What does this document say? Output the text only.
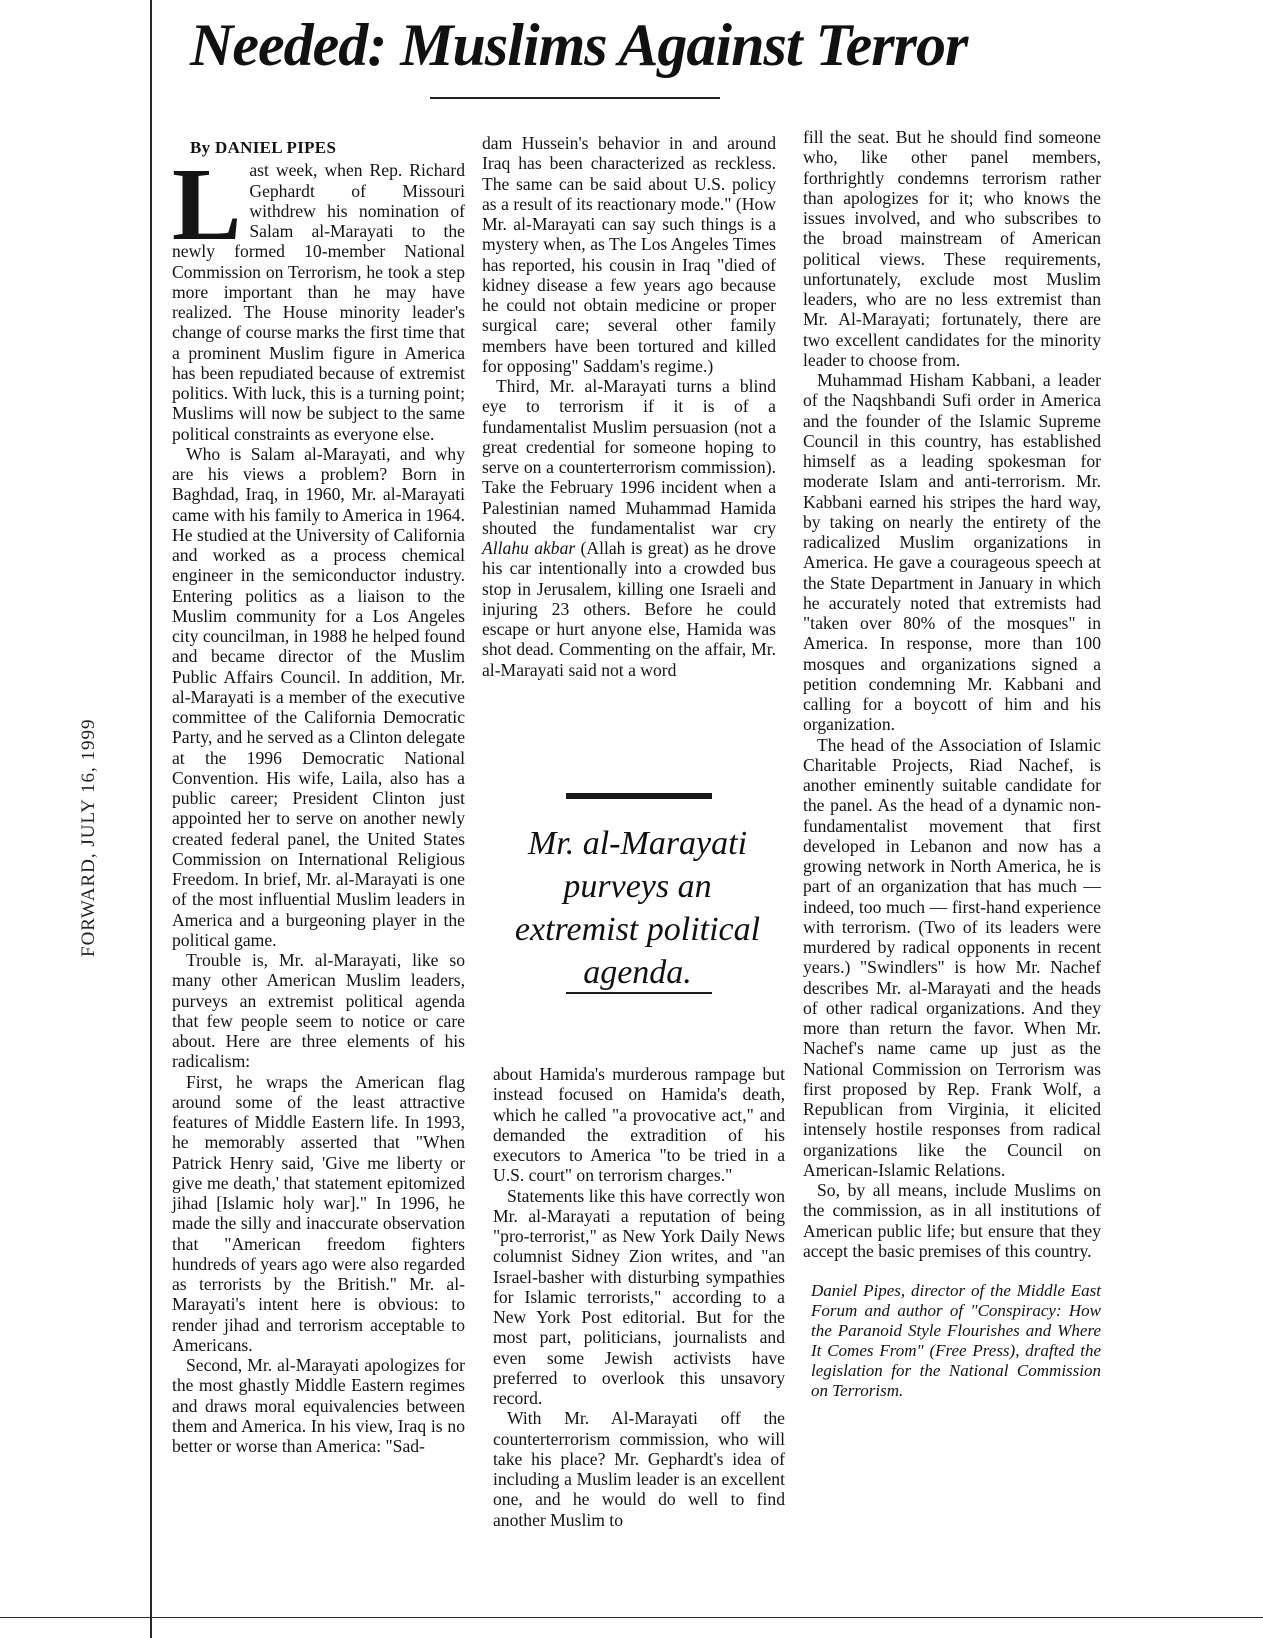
Needed: Muslims Against Terror
FORWARD, JULY 16, 1999
By DANIEL PIPES

Last week, when Rep. Richard Gephardt of Missouri withdrew his nomination of Salam al-Marayati to the newly formed 10-member National Commission on Terrorism, he took a step more important than he may have realized. The House minority leader's change of course marks the first time that a prominent Muslim figure in America has been repudiated because of extremist politics. With luck, this is a turning point; Muslims will now be subject to the same political constraints as everyone else.

Who is Salam al-Marayati, and why are his views a problem? Born in Baghdad, Iraq, in 1960, Mr. al-Marayati came with his family to America in 1964. He studied at the University of California and worked as a process chemical engineer in the semiconductor industry. Entering politics as a liaison to the Muslim community for a Los Angeles city councilman, in 1988 he helped found and became director of the Muslim Public Affairs Council. In addition, Mr. al-Marayati is a member of the executive committee of the California Democratic Party, and he served as a Clinton delegate at the 1996 Democratic National Convention. His wife, Laila, also has a public career; President Clinton just appointed her to serve on another newly created federal panel, the United States Commission on International Religious Freedom. In brief, Mr. al-Marayati is one of the most influential Muslim leaders in America and a burgeoning player in the political game.

Trouble is, Mr. al-Marayati, like so many other American Muslim leaders, purveys an extremist political agenda that few people seem to notice or care about. Here are three elements of his radicalism:

First, he wraps the American flag around some of the least attractive features of Middle Eastern life. In 1993, he memorably asserted that "When Patrick Henry said, 'Give me liberty or give me death,' that statement epitomized jihad [Islamic holy war]." In 1996, he made the silly and inaccurate observation that "American freedom fighters hundreds of years ago were also regarded as terrorists by the British." Mr. al-Marayati's intent here is obvious: to render jihad and terrorism acceptable to Americans.

Second, Mr. al-Marayati apologizes for the most ghastly Middle Eastern regimes and draws moral equivalencies between them and America. In his view, Iraq is no better or worse than America: "Sad-

dam Hussein's behavior in and around Iraq has been characterized as reckless. The same can be said about U.S. policy as a result of its reactionary mode." (How Mr. al-Marayati can say such things is a mystery when, as The Los Angeles Times has reported, his cousin in Iraq "died of kidney disease a few years ago because he could not obtain medicine or proper surgical care; several other family members have been tortured and killed for opposing" Saddam's regime.)

Third, Mr. al-Marayati turns a blind eye to terrorism if it is of a fundamentalist Muslim persuasion (not a great credential for someone hoping to serve on a counterterrorism commission). Take the February 1996 incident when a Palestinian named Muhammad Hamida shouted the fundamentalist war cry Allahu akbar (Allah is great) as he drove his car intentionally into a crowded bus stop in Jerusalem, killing one Israeli and injuring 23 others. Before he could escape or hurt anyone else, Hamida was shot dead. Commenting on the affair, Mr. al-Marayati said not a word

Mr. al-Marayati purveys an extremist political agenda.

about Hamida's murderous rampage but instead focused on Hamida's death, which he called "a provocative act," and demanded the extradition of his executors to America "to be tried in a U.S. court" on terrorism charges."

Statements like this have correctly won Mr. al-Marayati a reputation of being "pro-terrorist," as New York Daily News columnist Sidney Zion writes, and "an Israel-basher with disturbing sympathies for Islamic terrorists," according to a New York Post editorial. But for the most part, politicians, journalists and even some Jewish activists have preferred to overlook this unsavory record.

With Mr. Al-Marayati off the counterterrorism commission, who will take his place? Mr. Gephardt's idea of including a Muslim leader is an excellent one, and he would do well to find another Muslim to

fill the seat. But he should find someone who, like other panel members, forthrightly condemns terrorism rather than apologizes for it; who knows the issues involved, and who subscribes to the broad mainstream of American political views. These requirements, unfortunately, exclude most Muslim leaders, who are no less extremist than Mr. Al-Marayati; fortunately, there are two excellent candidates for the minority leader to choose from.

Muhammad Hisham Kabbani, a leader of the Naqshbandi Sufi order in America and the founder of the Islamic Supreme Council in this country, has established himself as a leading spokesman for moderate Islam and anti-terrorism. Mr. Kabbani earned his stripes the hard way, by taking on nearly the entirety of the radicalized Muslim organizations in America. He gave a courageous speech at the State Department in January in which he accurately noted that extremists had "taken over 80% of the mosques" in America. In response, more than 100 mosques and organizations signed a petition condemning Mr. Kabbani and calling for a boycott of him and his organization.

The head of the Association of Islamic Charitable Projects, Riad Nachef, is another eminently suitable candidate for the panel. As the head of a dynamic non-fundamentalist movement that first developed in Lebanon and now has a growing network in North America, he is part of an organization that has much — indeed, too much — first-hand experience with terrorism. (Two of its leaders were murdered by radical opponents in recent years.) "Swindlers" is how Mr. Nachef describes Mr. al-Marayati and the heads of other radical organizations. And they more than return the favor. When Mr. Nachef's name came up just as the National Commission on Terrorism was first proposed by Rep. Frank Wolf, a Republican from Virginia, it elicited intensely hostile responses from radical organizations like the Council on American-Islamic Relations.

So, by all means, include Muslims on the commission, as in all institutions of American public life; but ensure that they accept the basic premises of this country.

Daniel Pipes, director of the Middle East Forum and author of "Conspiracy: How the Paranoid Style Flourishes and Where It Comes From" (Free Press), drafted the legislation for the National Commission on Terrorism.
